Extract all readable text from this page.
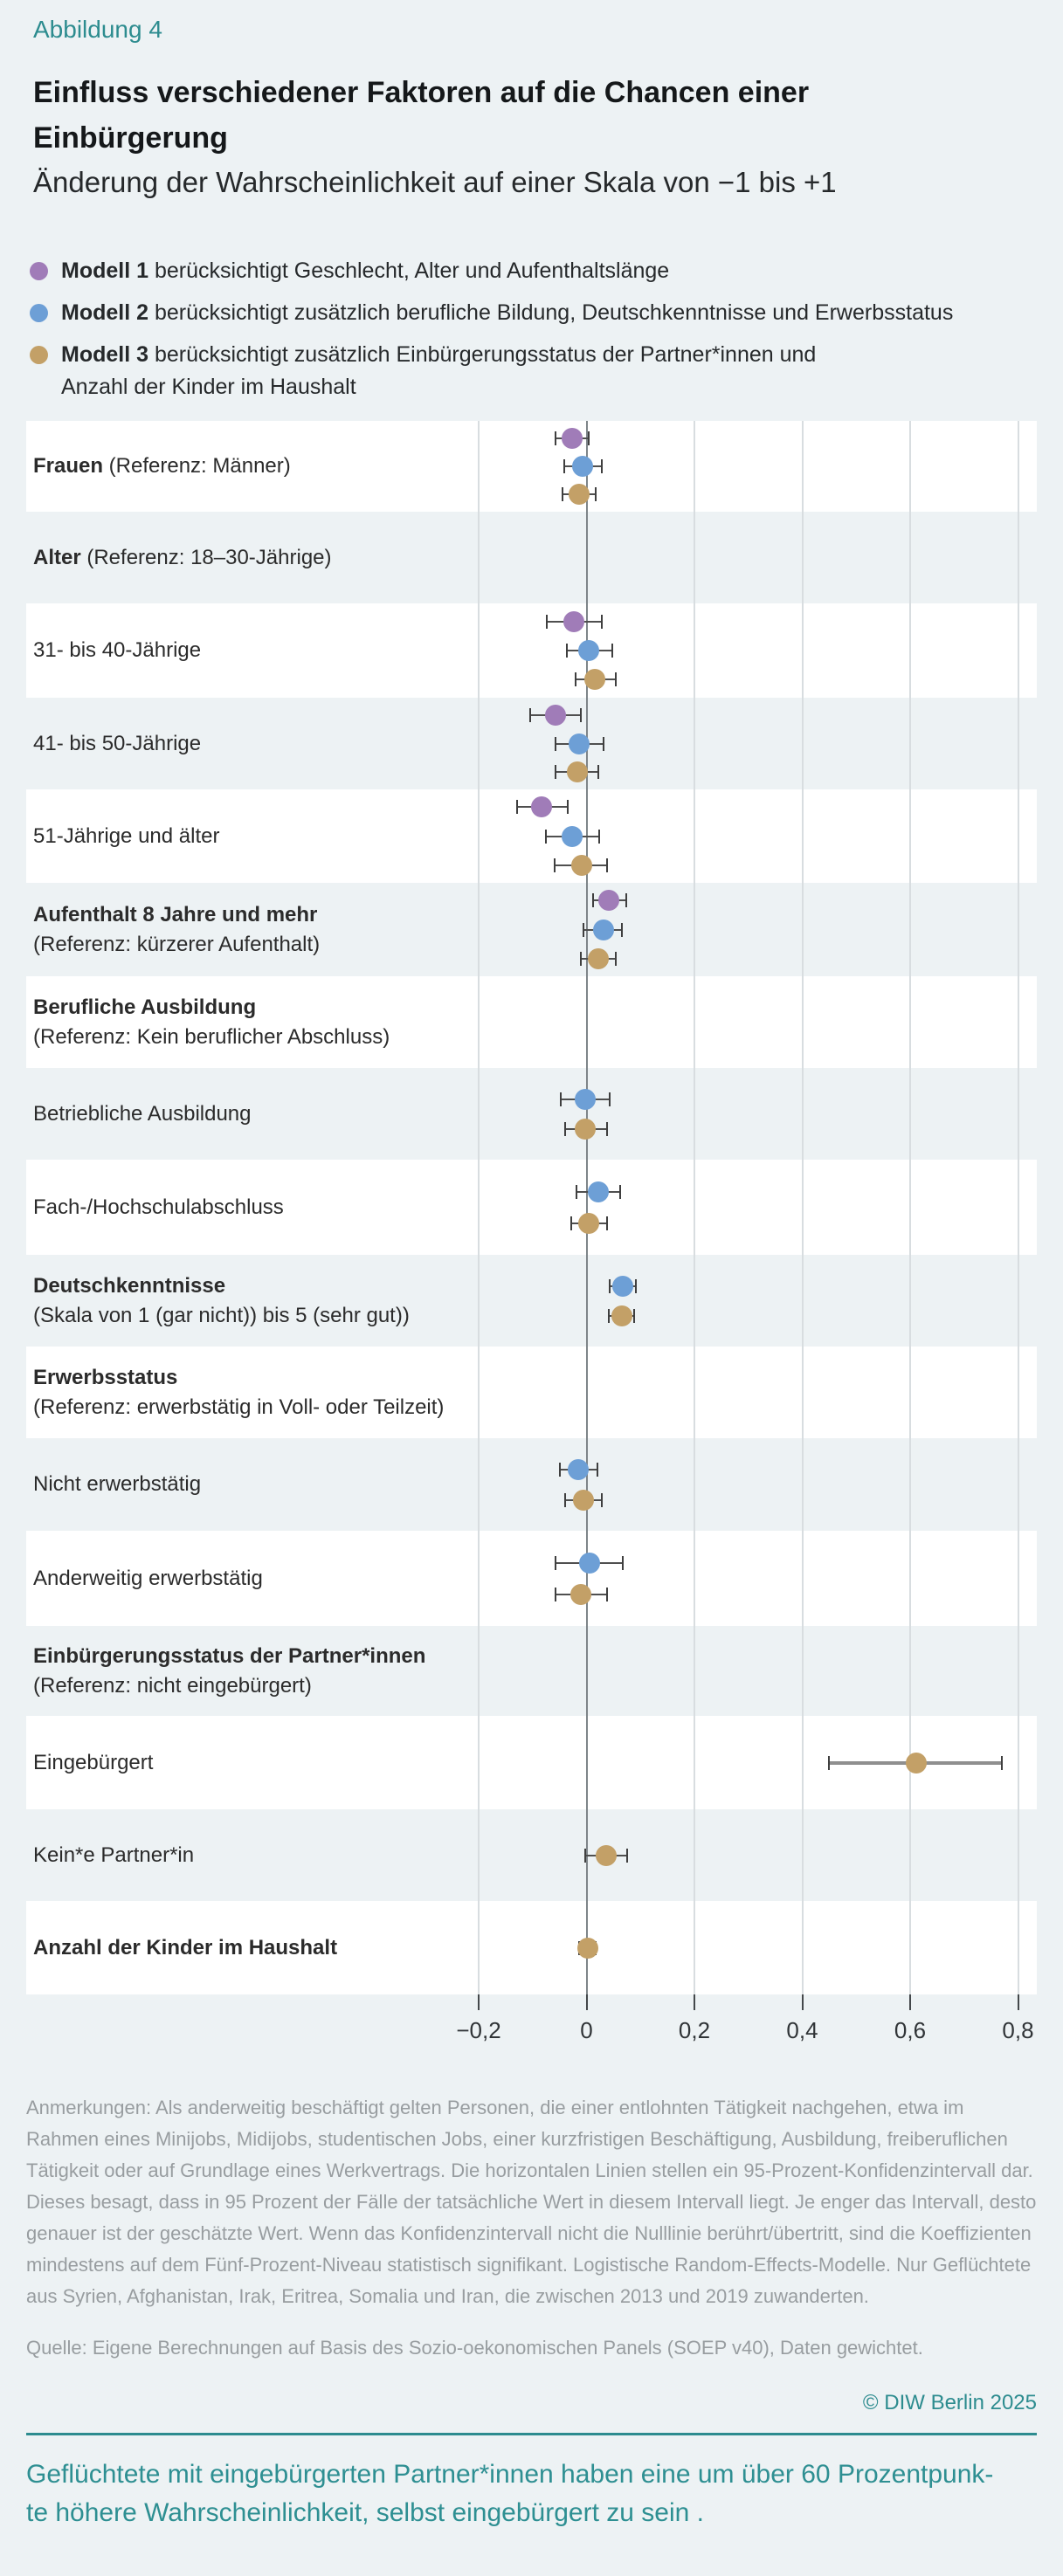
Abbildung 4
Einfluss verschiedener Faktoren auf die Chancen einer Einbürgerung
Änderung der Wahrscheinlichkeit auf einer Skala von −1 bis +1
Modell 1 berücksichtigt Geschlecht, Alter und Aufenthaltslänge
Modell 2 berücksichtigt zusätzlich berufliche Bildung, Deutschkenntnisse und Erwerbsstatus
Modell 3 berücksichtigt zusätzlich Einbürgerungsstatus der Partner*innen und
Anzahl der Kinder im Haushalt
−0,2	0	0,2	0,4	0,6	0,8
Frauen (Referenz: Männer)
Alter (Referenz: 18–30-Jährige)
31- bis 40-Jährige
41- bis 50-Jährige
51-Jährige und älter
Aufenthalt 8 Jahre und mehr
(Referenz: kürzerer Aufenthalt)
Berufliche Ausbildung
(Referenz: Kein beruflicher Abschluss)
Betriebliche Ausbildung
Fach-/Hochschulabschluss
Deutschkenntnisse
(Skala von 1 (gar nicht)) bis 5 (sehr gut))
Erwerbsstatus
(Referenz: erwerbstätig in Voll- oder Teilzeit)
Nicht erwerbstätig
Anderweitig erwerbstätig
Einbürgerungsstatus der Partner*innen
(Referenz: nicht eingebürgert)
Eingebürgert
Kein*e Partner*in
Anzahl der Kinder im Haushalt
Anmerkungen: Als anderweitig beschäftigt gelten Personen, die einer entlohnten Tätigkeit nachgehen, etwa im Rahmen eines Minijobs, Midijobs, studentischen Jobs, einer kurzfristigen Beschäftigung, Ausbildung, freiberuflichen Tätigkeit oder auf Grundlage eines Werkvertrags. Die horizontalen Linien stellen ein 95-Prozent-Konfidenzintervall dar. Dieses besagt, dass in 95 Prozent der Fälle der tatsächliche Wert in diesem Intervall liegt. Je enger das Intervall, desto genauer ist der geschätzte Wert. Wenn das Konfidenzintervall nicht die Nulllinie berührt/übertritt, sind die Koeffizienten mindestens auf dem Fünf-Prozent-Niveau statistisch signifikant. Logistische Random-Effects-Modelle. Nur Geflüchtete aus Syrien, Afghanistan, Irak, Eritrea, Somalia und Iran, die zwischen 2013 und 2019 zuwanderten.
Quelle: Eigene Berechnungen auf Basis des Sozio-oekonomischen Panels (SOEP v40), Daten gewichtet.
© DIW Berlin 2025
Geflüchtete mit eingebürgerten Partner*innen haben eine um über 60 Prozentpunk-
te höhere Wahrscheinlichkeit, selbst eingebürgert zu sein .
